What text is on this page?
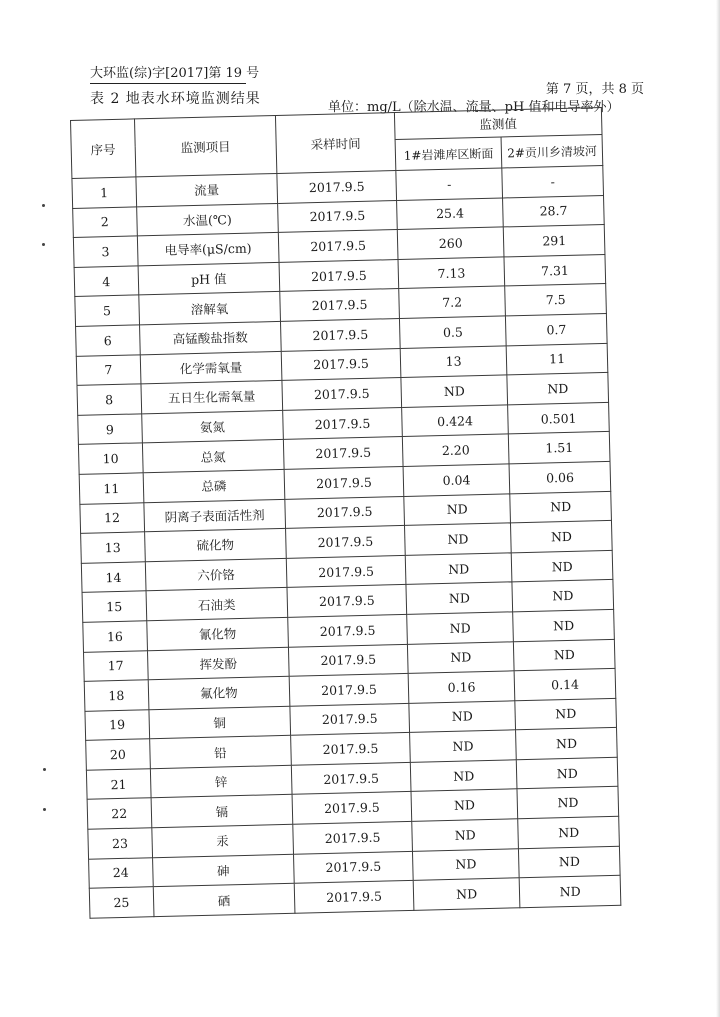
大环监(综)字[2017]第 19 号
第 7 页，共 8 页
表 2 地表水环境监测结果
单位：mg/L（除水温、流量、pH 值和电导率外）
序号	监测项目	采样时间	监测值	
			1#岩滩库区断面	2#贡川乡清坡河
1	流量	2017.9.5	-	-
2	水温(℃)	2017.9.5	25.4	28.7
3	电导率(μS/cm)	2017.9.5	260	291
4	pH 值	2017.9.5	7.13	7.31
5	溶解氧	2017.9.5	7.2	7.5
6	高锰酸盐指数	2017.9.5	0.5	0.7
7	化学需氧量	2017.9.5	13	11
8	五日生化需氧量	2017.9.5	ND	ND
9	氨氮	2017.9.5	0.424	0.501
10	总氮	2017.9.5	2.20	1.51
11	总磷	2017.9.5	0.04	0.06
12	阴离子表面活性剂	2017.9.5	ND	ND
13	硫化物	2017.9.5	ND	ND
14	六价铬	2017.9.5	ND	ND
15	石油类	2017.9.5	ND	ND
16	氰化物	2017.9.5	ND	ND
17	挥发酚	2017.9.5	ND	ND
18	氟化物	2017.9.5	0.16	0.14
19	铜	2017.9.5	ND	ND
20	铅	2017.9.5	ND	ND
21	锌	2017.9.5	ND	ND
22	镉	2017.9.5	ND	ND
23	汞	2017.9.5	ND	ND
24	砷	2017.9.5	ND	ND
25	硒	2017.9.5	ND	ND
